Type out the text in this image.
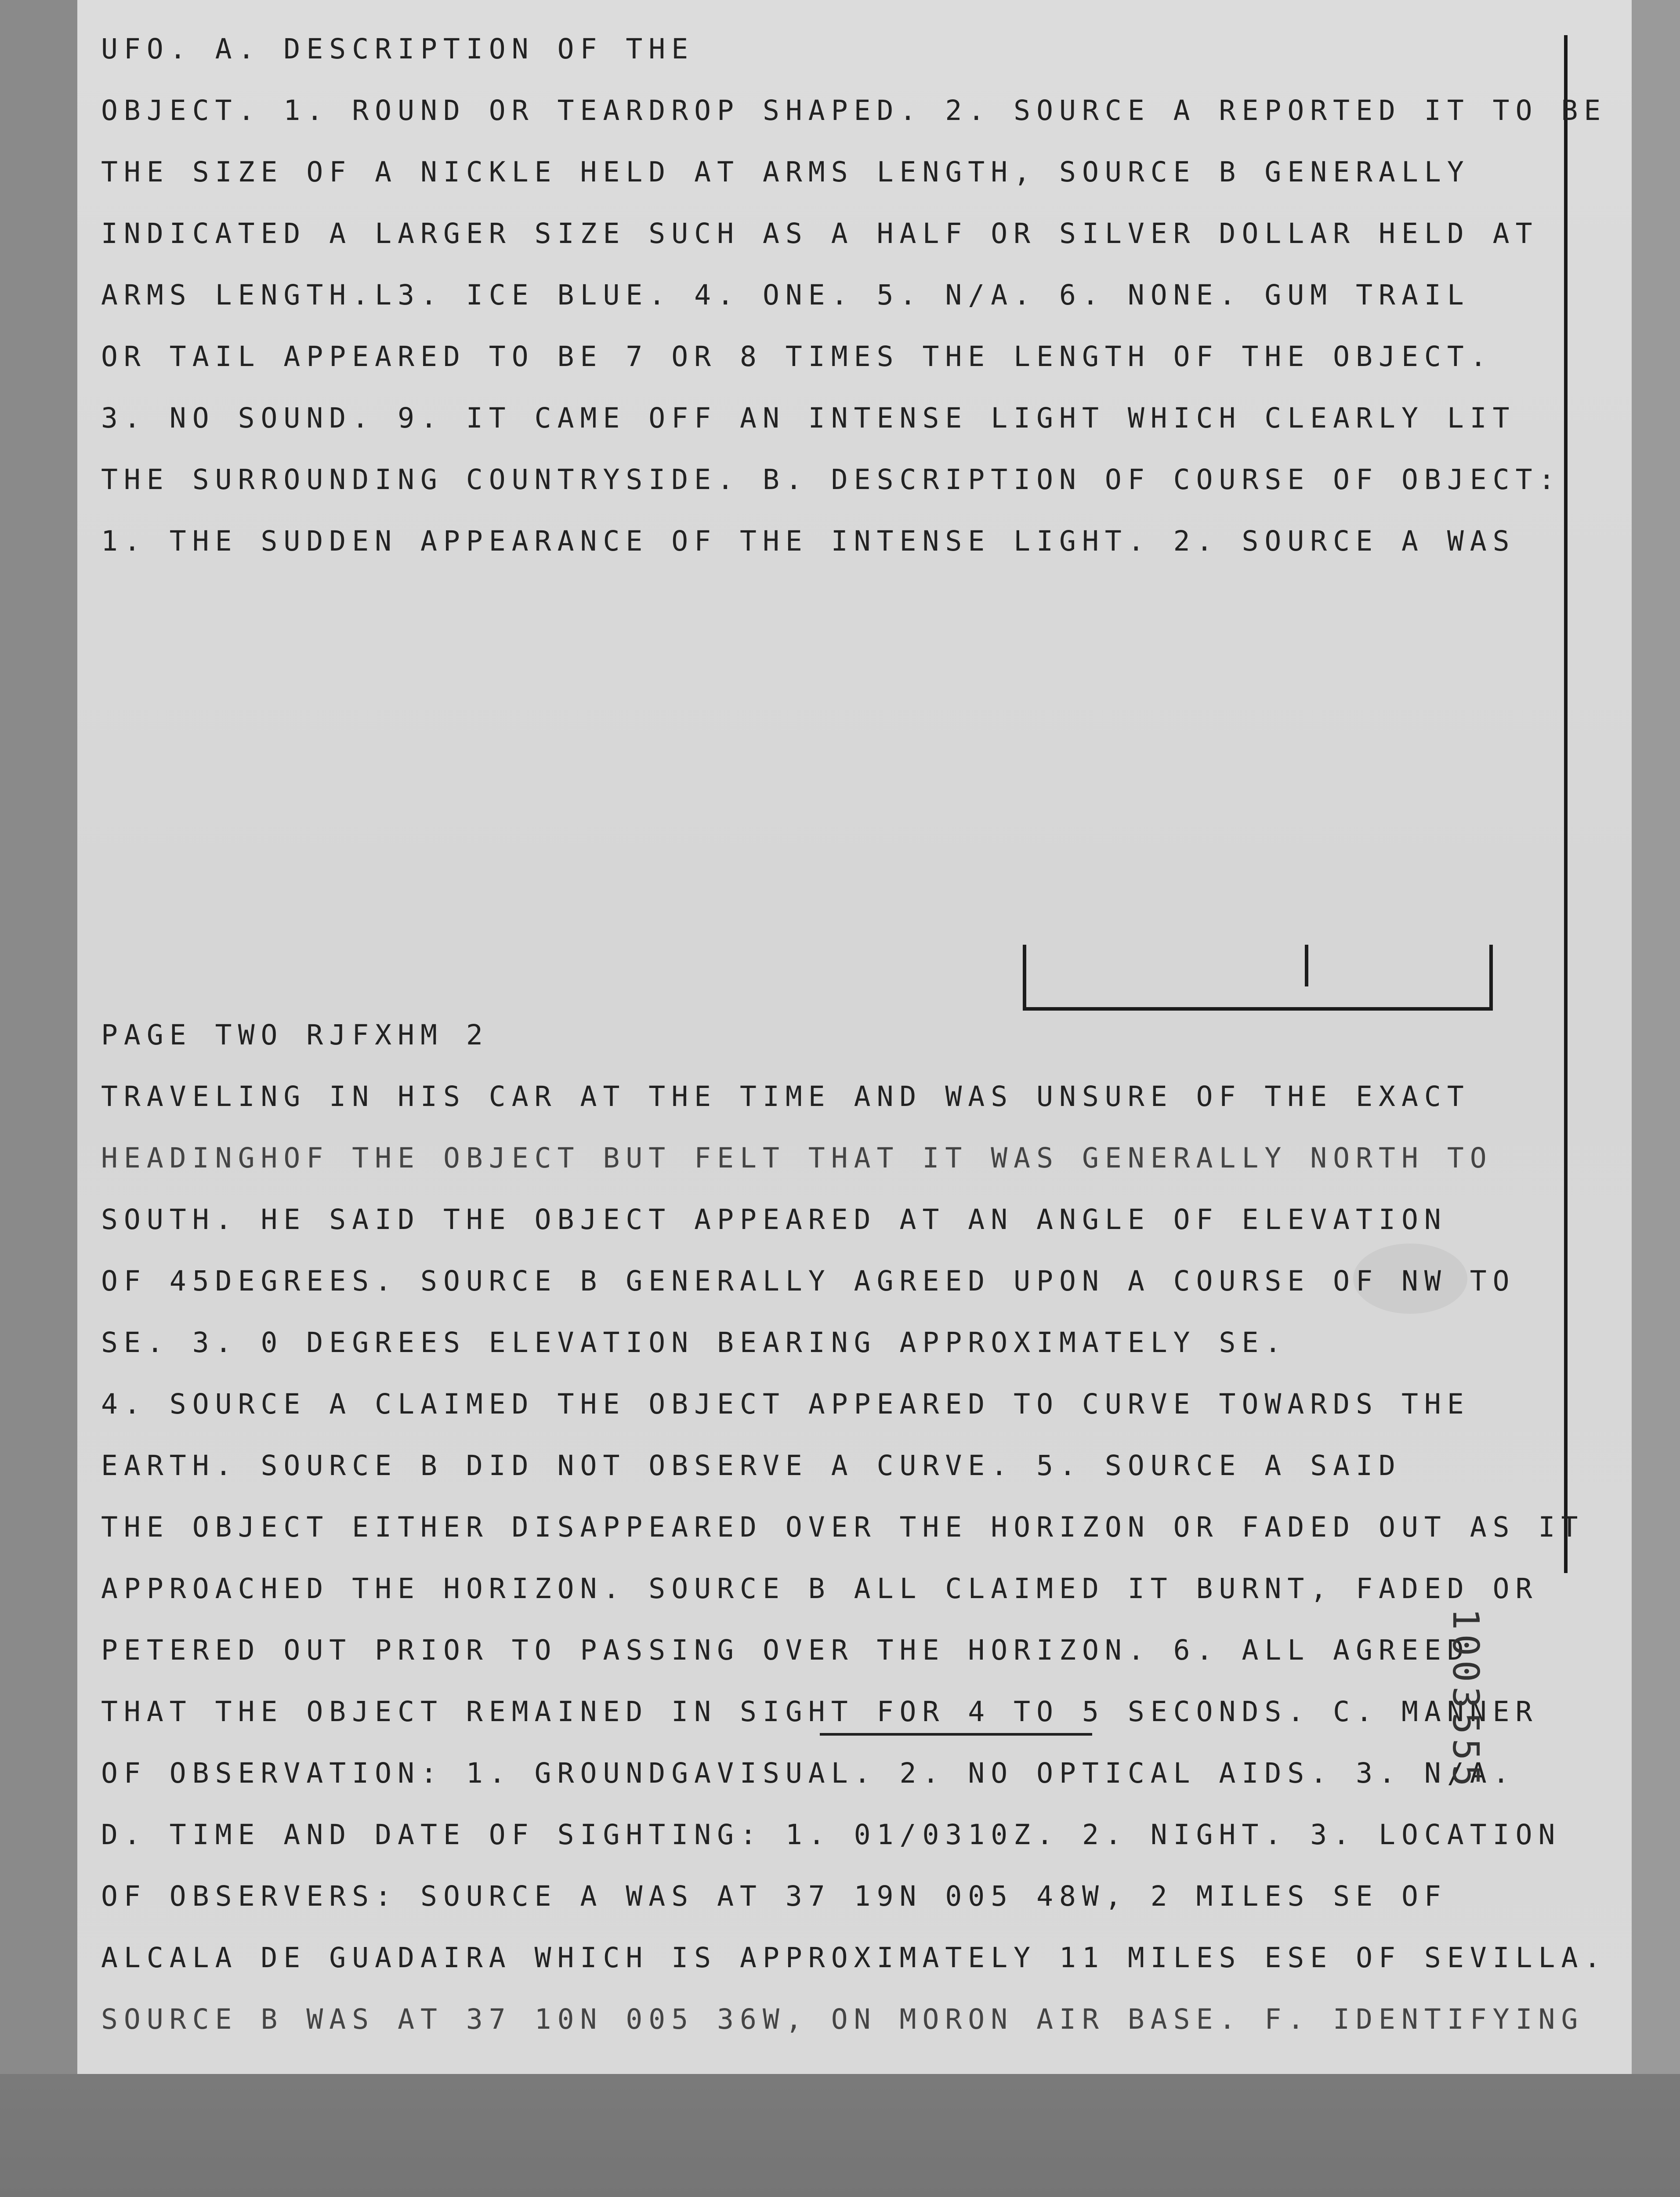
UFO. A. DESCRIPTION OF THE
OBJECT. 1. ROUND OR TEARDROP SHAPED. 2. SOURCE A REPORTED IT TO BE
THE SIZE OF A NICKLE HELD AT ARMS LENGTH, SOURCE B GENERALLY
INDICATED A LARGER SIZE SUCH AS A HALF OR SILVER DOLLAR HELD AT
ARMS LENGTH.L3. ICE BLUE. 4. ONE. 5. N/A. 6. NONE. GUM TRAIL
OR TAIL APPEARED TO BE 7 OR 8 TIMES THE LENGTH OF THE OBJECT.
3. NO SOUND. 9. IT CAME OFF AN INTENSE LIGHT WHICH CLEARLY LIT
THE SURROUNDING COUNTRYSIDE. B. DESCRIPTION OF COURSE OF OBJECT:
1. THE SUDDEN APPEARANCE OF THE INTENSE LIGHT. 2. SOURCE A WAS
PAGE TWO RJFXHM 2
TRAVELING IN HIS CAR AT THE TIME AND WAS UNSURE OF THE EXACT
HEADINGHOF THE OBJECT BUT FELT THAT IT WAS GENERALLY NORTH TO
SOUTH. HE SAID THE OBJECT APPEARED AT AN ANGLE OF ELEVATION
OF 45DEGREES. SOURCE B GENERALLY AGREED UPON A COURSE OF NW TO
SE. 3. 0 DEGREES ELEVATION BEARING APPROXIMATELY SE.
4. SOURCE A CLAIMED THE OBJECT APPEARED TO CURVE TOWARDS THE
EARTH. SOURCE B DID NOT OBSERVE A CURVE. 5. SOURCE A SAID
THE OBJECT EITHER DISAPPEARED OVER THE HORIZON OR FADED OUT AS IT
APPROACHED THE HORIZON. SOURCE B ALL CLAIMED IT BURNT, FADED OR
PETERED OUT PRIOR TO PASSING OVER THE HORIZON. 6. ALL AGREED
THAT THE OBJECT REMAINED IN SIGHT FOR 4 TO 5 SECONDS. C. MANNER
OF OBSERVATION: 1. GROUNDGAVISUAL. 2. NO OPTICAL AIDS. 3. N/A.
D. TIME AND DATE OF SIGHTING: 1. 01/0310Z. 2. NIGHT. 3. LOCATION
OF OBSERVERS: SOURCE A WAS AT 37 19N 005 48W, 2 MILES SE OF
ALCALA DE GUADAIRA WHICH IS APPROXIMATELY 11 MILES ESE OF SEVILLA.
SOURCE B WAS AT 37 10N 005 36W, ON MORON AIR BASE. F. IDENTIFYING
1003555
